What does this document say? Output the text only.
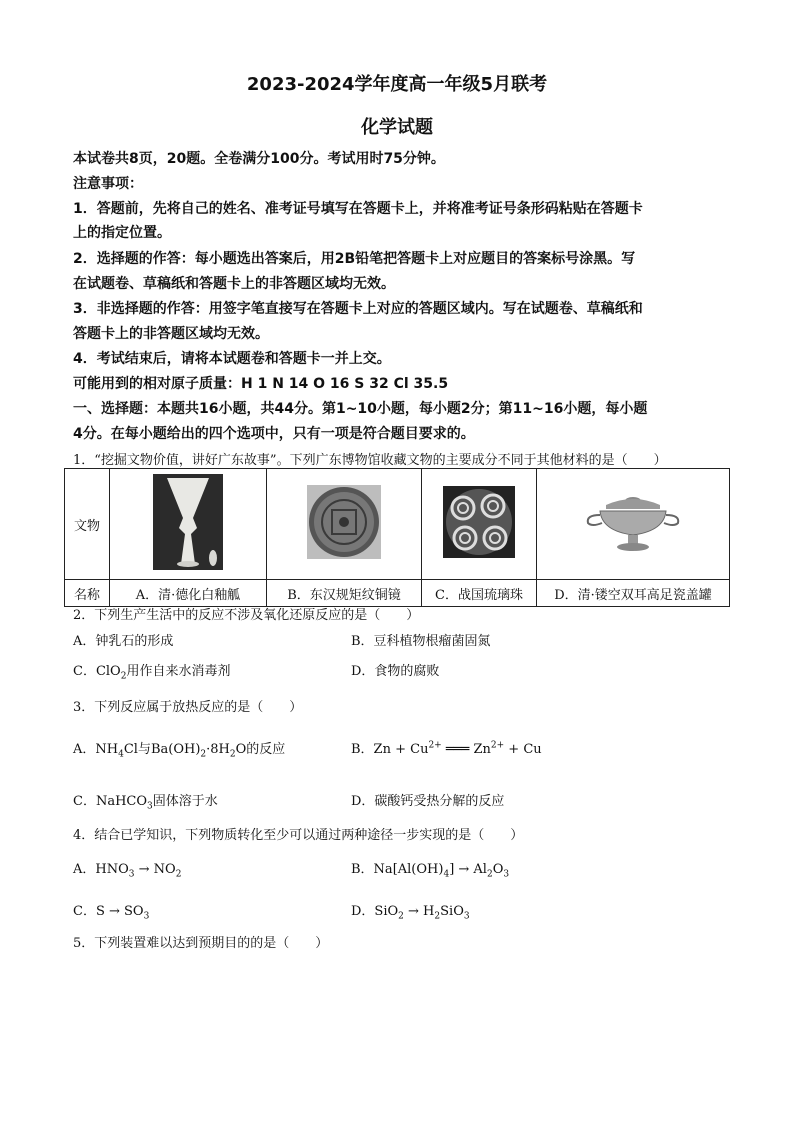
2023-2024学年度高一年级5月联考
化学试题
本试卷共8页，20题。全卷满分100分。考试用时75分钟。
注意事项：
1．答题前，先将自己的姓名、准考证号填写在答题卡上，并将准考证号条形码粘贴在答题卡
上的指定位置。
2．选择题的作答：每小题选出答案后，用2B铅笔把答题卡上对应题目的答案标号涂黑。写
在试题卷、草稿纸和答题卡上的非答题区域均无效。
3．非选择题的作答：用签字笔直接写在答题卡上对应的答题区域内。写在试题卷、草稿纸和
答题卡上的非答题区域均无效。
4．考试结束后，请将本试题卷和答题卡一并上交。
可能用到的相对原子质量：H 1 N 14 O 16 S 32 Cl 35.5
一、选择题：本题共16小题，共44分。第1~10小题，每小题2分；第11~16小题，每小题
4分。在每小题给出的四个选项中，只有一项是符合题目要求的。
1．“挖掘文物价值，讲好广东故事”。下列广东博物馆收藏文物的主要成分不同于其他材料的是（　　）
文物				
名称	A．清·德化白釉觚	B．东汉规矩纹铜镜	C．战国琉璃珠	D．清·镂空双耳高足瓷盖罐
2．下列生产生活中的反应不涉及氧化还原反应的是（　　）
A．钟乳石的形成	B．豆科植物根瘤菌固氮
C．ClO$_2$用作自来水消毒剂	D．食物的腐败
3．下列反应属于放热反应的是（　　）
A．$NH_4Cl$与$Ba(OH)_2\cdot 8H_2O$的反应	B．$Zn + Cu^{2+}$ ═══ $Zn^{2+} + Cu$
C．NaHCO$_3$固体溶于水	D．碳酸钙受热分解的反应
4．结合已学知识，下列物质转化至少可以通过两种途径一步实现的是（　　）
A．$HNO_3 \to NO_2$	B．$Na[Al(OH)_4] \to Al_2O_3$
C．$S \to SO_3$	D．$SiO_2 \to H_2SiO_3$
5．下列装置难以达到预期目的的是（　　）
